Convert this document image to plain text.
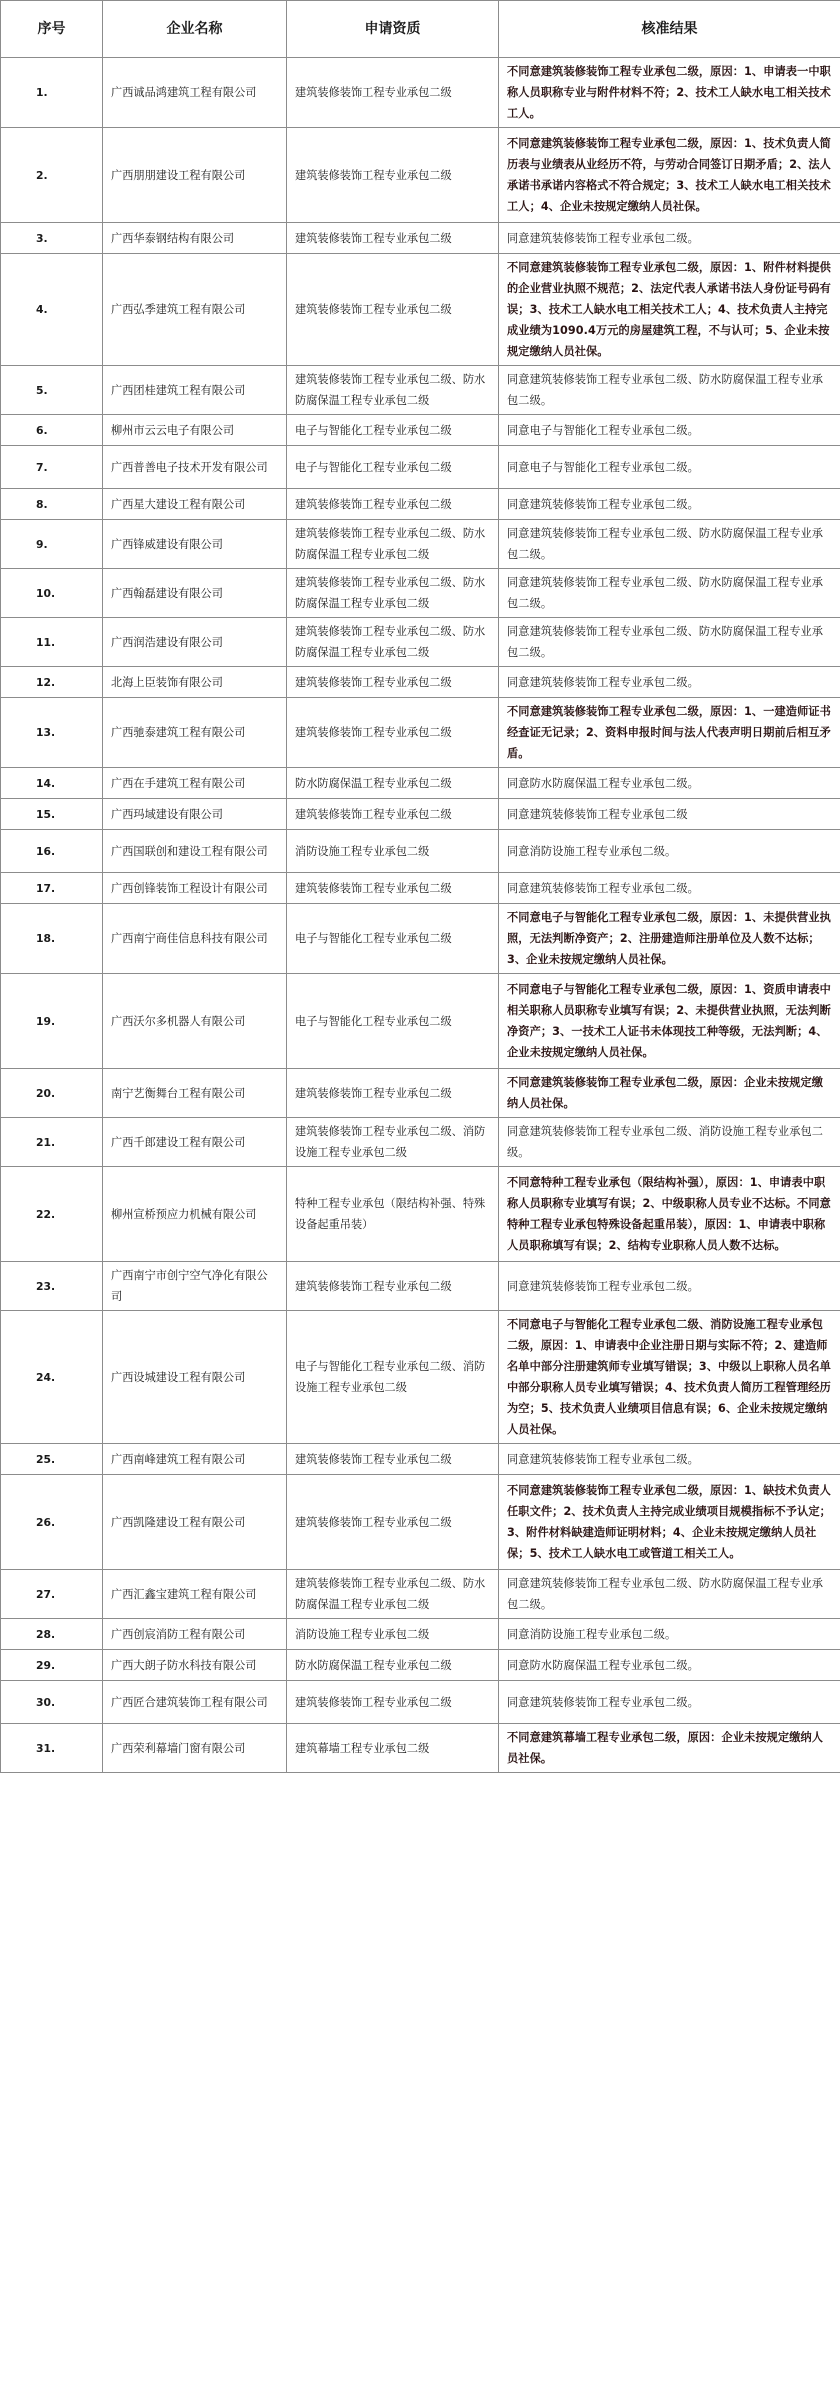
序号	企业名称	申请资质	核准结果
1.	广西诚品鸿建筑工程有限公司	建筑装修装饰工程专业承包二级	不同意建筑装修装饰工程专业承包二级，原因：1、申请表一中职称人员职称专业与附件材料不符；2、技术工人缺水电工相关技术工人。
2.	广西朋朋建设工程有限公司	建筑装修装饰工程专业承包二级	不同意建筑装修装饰工程专业承包二级，原因：1、技术负责人简历表与业绩表从业经历不符，与劳动合同签订日期矛盾；2、法人承诺书承诺内容格式不符合规定；3、技术工人缺水电工相关技术工人；4、企业未按规定缴纳人员社保。
3.	广西华泰钢结构有限公司	建筑装修装饰工程专业承包二级	同意建筑装修装饰工程专业承包二级。
4.	广西弘季建筑工程有限公司	建筑装修装饰工程专业承包二级	不同意建筑装修装饰工程专业承包二级，原因：1、附件材料提供的企业营业执照不规范；2、法定代表人承诺书法人身份证号码有误；3、技术工人缺水电工相关技术工人；4、技术负责人主持完成业绩为1090.4万元的房屋建筑工程，不与认可；5、企业未按规定缴纳人员社保。
5.	广西团桂建筑工程有限公司	建筑装修装饰工程专业承包二级、防水防腐保温工程专业承包二级	同意建筑装修装饰工程专业承包二级、防水防腐保温工程专业承包二级。
6.	柳州市云云电子有限公司	电子与智能化工程专业承包二级	同意电子与智能化工程专业承包二级。
7.	广西普善电子技术开发有限公司	电子与智能化工程专业承包二级	同意电子与智能化工程专业承包二级。
8.	广西星大建设工程有限公司	建筑装修装饰工程专业承包二级	同意建筑装修装饰工程专业承包二级。
9.	广西锋威建设有限公司	建筑装修装饰工程专业承包二级、防水防腐保温工程专业承包二级	同意建筑装修装饰工程专业承包二级、防水防腐保温工程专业承包二级。
10.	广西翰磊建设有限公司	建筑装修装饰工程专业承包二级、防水防腐保温工程专业承包二级	同意建筑装修装饰工程专业承包二级、防水防腐保温工程专业承包二级。
11.	广西润浩建设有限公司	建筑装修装饰工程专业承包二级、防水防腐保温工程专业承包二级	同意建筑装修装饰工程专业承包二级、防水防腐保温工程专业承包二级。
12.	北海上臣装饰有限公司	建筑装修装饰工程专业承包二级	同意建筑装修装饰工程专业承包二级。
13.	广西驰泰建筑工程有限公司	建筑装修装饰工程专业承包二级	不同意建筑装修装饰工程专业承包二级，原因：1、一建造师证书经查证无记录；2、资料申报时间与法人代表声明日期前后相互矛盾。
14.	广西在手建筑工程有限公司	防水防腐保温工程专业承包二级	同意防水防腐保温工程专业承包二级。
15.	广西玛域建设有限公司	建筑装修装饰工程专业承包二级	同意建筑装修装饰工程专业承包二级
16.	广西国联创和建设工程有限公司	消防设施工程专业承包二级	同意消防设施工程专业承包二级。
17.	广西创锋装饰工程设计有限公司	建筑装修装饰工程专业承包二级	同意建筑装修装饰工程专业承包二级。
18.	广西南宁商佳信息科技有限公司	电子与智能化工程专业承包二级	不同意电子与智能化工程专业承包二级，原因：1、未提供营业执照，无法判断净资产；2、注册建造师注册单位及人数不达标；3、企业未按规定缴纳人员社保。
19.	广西沃尔多机器人有限公司	电子与智能化工程专业承包二级	不同意电子与智能化工程专业承包二级，原因：1、资质申请表中相关职称人员职称专业填写有误；2、未提供营业执照，无法判断净资产；3、一技术工人证书未体现技工种等级，无法判断；4、企业未按规定缴纳人员社保。
20.	南宁艺衡舞台工程有限公司	建筑装修装饰工程专业承包二级	不同意建筑装修装饰工程专业承包二级，原因：企业未按规定缴纳人员社保。
21.	广西千郎建设工程有限公司	建筑装修装饰工程专业承包二级、消防设施工程专业承包二级	同意建筑装修装饰工程专业承包二级、消防设施工程专业承包二级。
22.	柳州宣桥预应力机械有限公司	特种工程专业承包（限结构补强、特殊设备起重吊装）	不同意特种工程专业承包（限结构补强），原因：1、申请表中职称人员职称专业填写有误；2、中级职称人员专业不达标。不同意特种工程专业承包特殊设备起重吊装），原因：1、申请表中职称人员职称填写有误；2、结构专业职称人员人数不达标。
23.	广西南宁市创宁空气净化有限公司	建筑装修装饰工程专业承包二级	同意建筑装修装饰工程专业承包二级。
24.	广西设城建设工程有限公司	电子与智能化工程专业承包二级、消防设施工程专业承包二级	不同意电子与智能化工程专业承包二级、消防设施工程专业承包二级，原因：1、申请表中企业注册日期与实际不符；2、建造师名单中部分注册建筑师专业填写错误；3、中级以上职称人员名单中部分职称人员专业填写错误；4、技术负责人简历工程管理经历为空；5、技术负责人业绩项目信息有误；6、企业未按规定缴纳人员社保。
25.	广西南峰建筑工程有限公司	建筑装修装饰工程专业承包二级	同意建筑装修装饰工程专业承包二级。
26.	广西凯隆建设工程有限公司	建筑装修装饰工程专业承包二级	不同意建筑装修装饰工程专业承包二级，原因：1、缺技术负责人任职文件；2、技术负责人主持完成业绩项目规模指标不予认定；3、附件材料缺建造师证明材料；4、企业未按规定缴纳人员社保；5、技术工人缺水电工或管道工相关工人。
27.	广西汇鑫宝建筑工程有限公司	建筑装修装饰工程专业承包二级、防水防腐保温工程专业承包二级	同意建筑装修装饰工程专业承包二级、防水防腐保温工程专业承包二级。
28.	广西创宸消防工程有限公司	消防设施工程专业承包二级	同意消防设施工程专业承包二级。
29.	广西大朗子防水科技有限公司	防水防腐保温工程专业承包二级	同意防水防腐保温工程专业承包二级。
30.	广西匠合建筑装饰工程有限公司	建筑装修装饰工程专业承包二级	同意建筑装修装饰工程专业承包二级。
31.	广西荣利幕墙门窗有限公司	建筑幕墙工程专业承包二级	不同意建筑幕墙工程专业承包二级，原因：企业未按规定缴纳人员社保。
